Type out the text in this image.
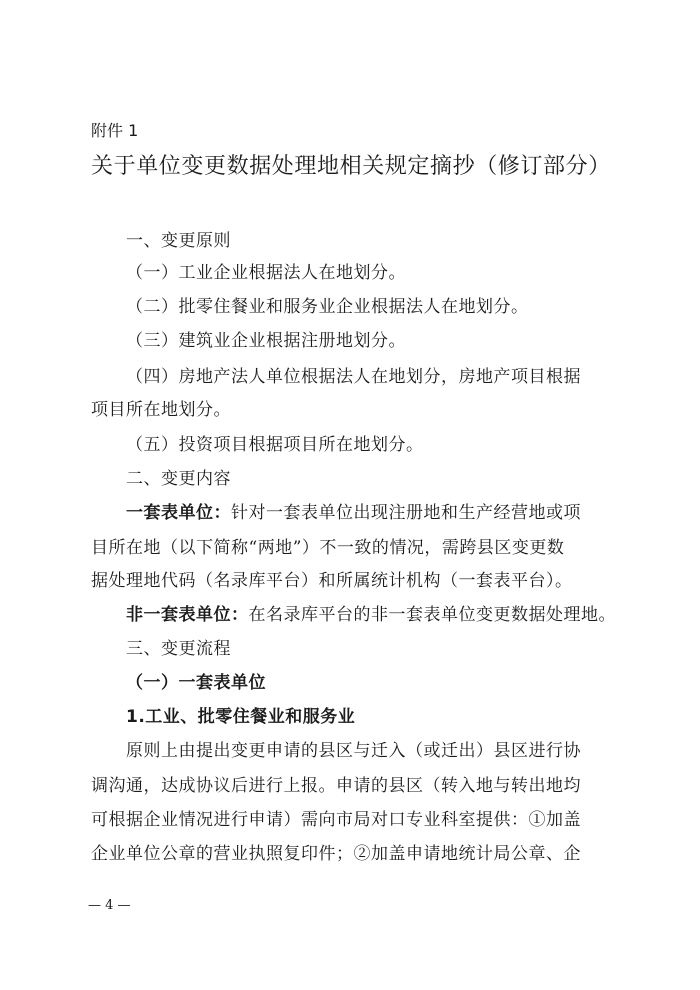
附件 1
关于单位变更数据处理地相关规定摘抄（修订部分）
一、变更原则
（一）工业企业根据法人在地划分。
（二）批零住餐业和服务业企业根据法人在地划分。
（三）建筑业企业根据注册地划分。
（四）房地产法人单位根据法人在地划分，房地产项目根据
项目所在地划分。
（五）投资项目根据项目所在地划分。
二、变更内容
一套表单位：针对一套表单位出现注册地和生产经营地或项
目所在地（以下简称“两地”）不一致的情况，需跨县区变更数
据处理地代码（名录库平台）和所属统计机构（一套表平台）。
非一套表单位：在名录库平台的非一套表单位变更数据处理地。
三、变更流程
（一）一套表单位
1.工业、批零住餐业和服务业
原则上由提出变更申请的县区与迁入（或迁出）县区进行协
调沟通，达成协议后进行上报。申请的县区（转入地与转出地均
可根据企业情况进行申请）需向市局对口专业科室提供：①加盖
企业单位公章的营业执照复印件；②加盖申请地统计局公章、企
— 4 —
